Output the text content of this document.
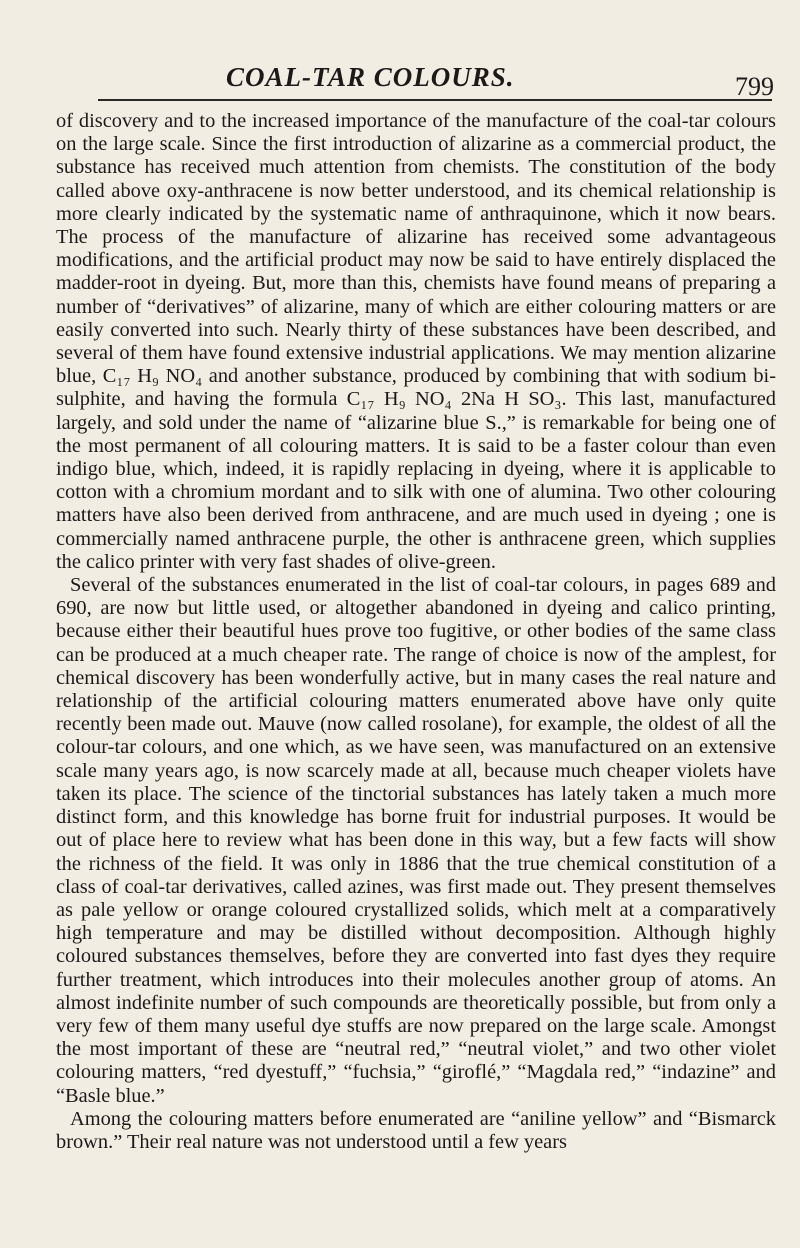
COAL-TAR COLOURS.	799

of discovery and to the increased importance of the manufacture of the coal-tar colours on the large scale. Since the first introduction of alizarine as a commercial product, the substance has received much attention from chemists. The constitution of the body called above oxy-anthracene is now better understood, and its chemical relationship is more clearly indicated by the systematic name of anthraquinone, which it now bears. The process of the manufacture of alizarine has received some advantageous modifications, and the artificial product may now be said to have entirely displaced the madder-root in dyeing. But, more than this, chemists have found means of preparing a number of “derivatives” of alizarine, many of which are either colouring matters or are easily converted into such. Nearly thirty of these substances have been described, and several of them have found extensive industrial applications. We may mention alizarine blue, C₁₇ H₉ NO₄ and another substance, produced by combining that with sodium bi-sulphite, and having the formula C₁₇ H₉ NO₄ 2Na H SO₃. This last, manufactured largely, and sold under the name of “alizarine blue S.,” is remarkable for being one of the most permanent of all colouring matters. It is said to be a faster colour than even indigo blue, which, indeed, it is rapidly replacing in dyeing, where it is applicable to cotton with a chromium mordant and to silk with one of alumina. Two other colouring matters have also been derived from anthracene, and are much used in dyeing ; one is commercially named anthracene purple, the other is anthracene green, which supplies the calico printer with very fast shades of olive-green.

Several of the substances enumerated in the list of coal-tar colours, in pages 689 and 690, are now but little used, or altogether abandoned in dyeing and calico printing, because either their beautiful hues prove too fugitive, or other bodies of the same class can be produced at a much cheaper rate. The range of choice is now of the amplest, for chemical discovery has been wonderfully active, but in many cases the real nature and relationship of the artificial colouring matters enumerated above have only quite recently been made out. Mauve (now called rosolane), for example, the oldest of all the colour-tar colours, and one which, as we have seen, was manufactured on an extensive scale many years ago, is now scarcely made at all, because much cheaper violets have taken its place. The science of the tinctorial substances has lately taken a much more distinct form, and this knowledge has borne fruit for industrial purposes. It would be out of place here to review what has been done in this way, but a few facts will show the richness of the field. It was only in 1886 that the true chemical constitution of a class of coal-tar derivatives, called azines, was first made out. They present themselves as pale yellow or orange coloured crystallized solids, which melt at a comparatively high temperature and may be distilled without decomposition. Although highly coloured substances themselves, before they are converted into fast dyes they require further treatment, which introduces into their molecules another group of atoms. An almost indefinite number of such compounds are theoretically possible, but from only a very few of them many useful dye stuffs are now prepared on the large scale. Amongst the most important of these are “neutral red,” “neutral violet,” and two other violet colouring matters, “red dyestuff,” “fuchsia,” “giroflé,” “Magdala red,” “indazine” and “Basle blue.”

Among the colouring matters before enumerated are “aniline yellow” and “Bismarck brown.” Their real nature was not understood until a few years
